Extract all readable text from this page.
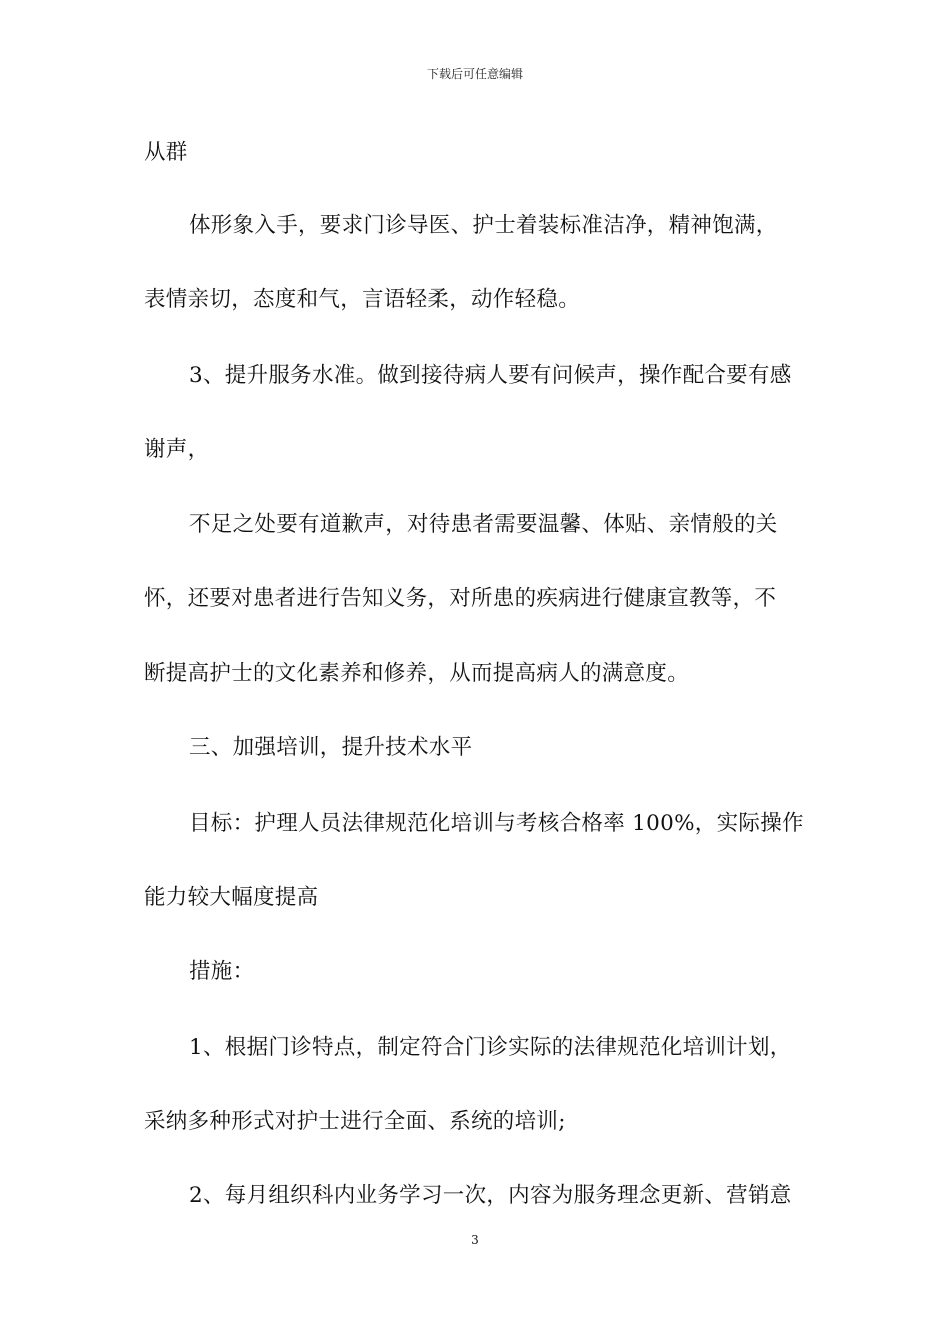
下载后可任意编辑
从群
体形象入手，要求门诊导医、护士着装标准洁净，精神饱满，
表情亲切，态度和气，言语轻柔，动作轻稳。
3、提升服务水准。做到接待病人要有问候声，操作配合要有感
谢声，
不足之处要有道歉声，对待患者需要温馨、体贴、亲情般的关
怀，还要对患者进行告知义务，对所患的疾病进行健康宣教等，不
断提高护士的文化素养和修养，从而提高病人的满意度。
三、加强培训，提升技术水平
目标：护理人员法律规范化培训与考核合格率 100%，实际操作
能力较大幅度提高
措施：
1、根据门诊特点，制定符合门诊实际的法律规范化培训计划，
采纳多种形式对护士进行全面、系统的培训;
2、每月组织科内业务学习一次，内容为服务理念更新、营销意
3
